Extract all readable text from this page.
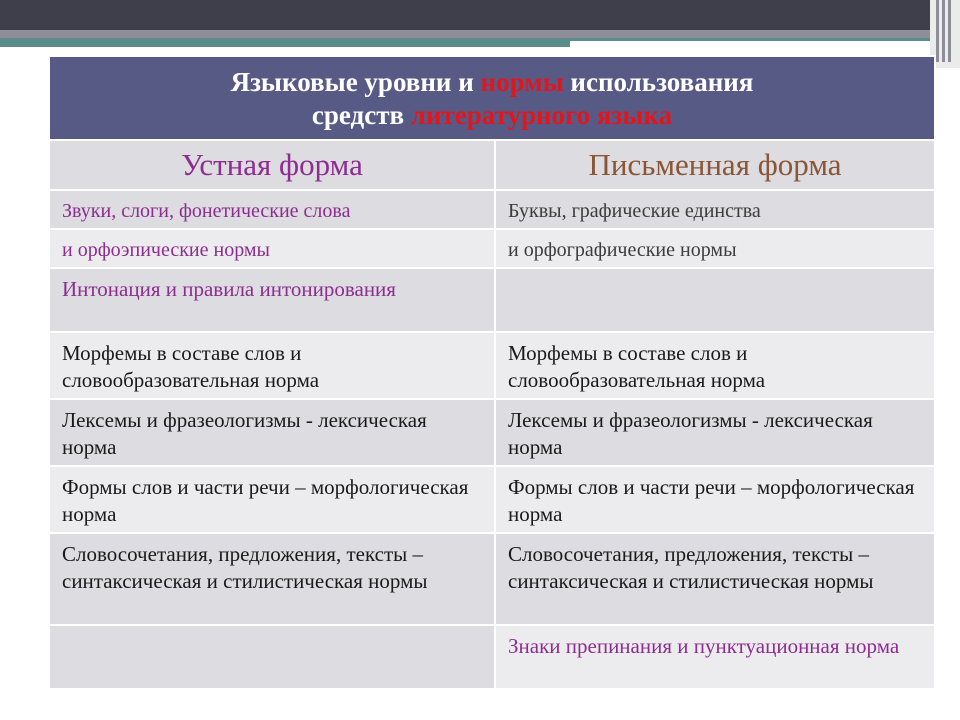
Языковые уровни и нормы использования
средств литературного языка	
Устная форма	Письменная форма
Звуки, слоги, фонетические слова	Буквы, графические единства
и орфоэпические нормы	и орфографические нормы
Интонация и правила интонирования	
Морфемы в составе слов и словообразовательная норма	Морфемы в составе слов и словообразовательная норма
Лексемы и фразеологизмы - лексическая норма	Лексемы и фразеологизмы - лексическая норма
Формы слов и части речи – морфологическая норма	Формы слов и части речи – морфологическая норма
Словосочетания, предложения, тексты – синтаксическая и стилистическая нормы	Словосочетания, предложения, тексты – синтаксическая и стилистическая нормы
	Знаки препинания и пунктуационная норма
